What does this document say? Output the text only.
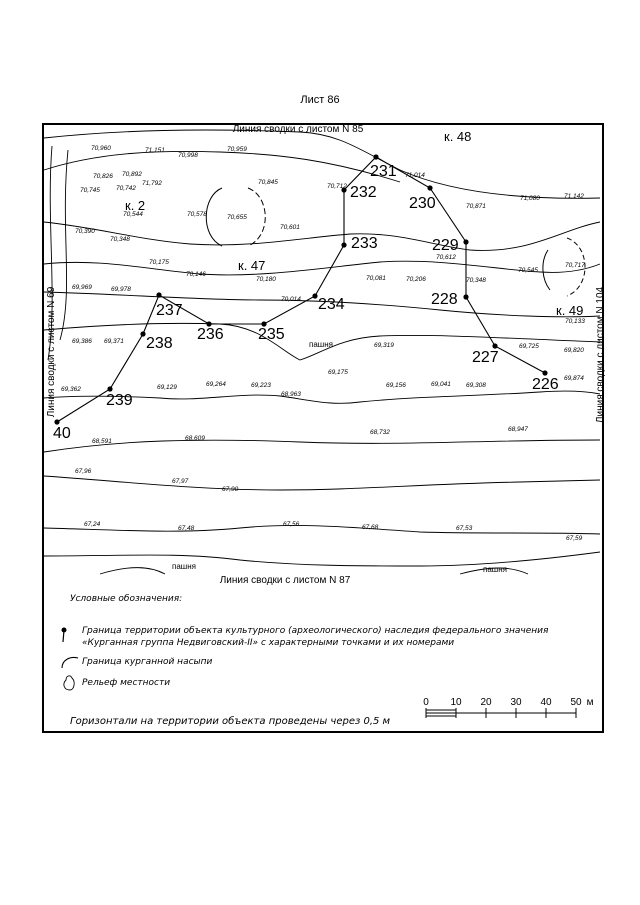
Лист 86
Линия сводки с листом N 85
Линия сводки с листом N 87
Линия сводки с листом N 69	Линия сводки с листом N 104
к. 2
к. 47
к. 48
к. 49
231
232
233
234
235
236
237
238
239
40
230
229
228
227
226
пашня
пашня	пашня
70,998
70,959
71,151
70,960
70,826 70,892
70,742
70,745
71,792	70,845
70,712
71,014
70,544	70,578	70,655
70,601
70,390
70,348
70,871
71,080	71,142
70,175
70,146
70,180	70,081	70,206
70,612
70,545
70,717
69,969	69,978
70,014
70,348
70,133
69,386 69,371
69,319	69,725
69,820
69,175
69,874
69,362	69,129	69,264	69,223
68,963
69,156	69,041 69,308
68,591	68,609
68,732	68,947
67,96
67,97
67,90
67,24
67,48
67,56	67,68	67,53
67,59
0 10 20 30 40 50 м
Условные обозначения:
Граница территории объекта культурного (археологического) наследия федерального значения
«Курганная группа Недвиговский-II» с характерными точками и их номерами
Граница курганной насыпи
Рельеф местности
Горизонтали на территории объекта проведены через 0,5 м
